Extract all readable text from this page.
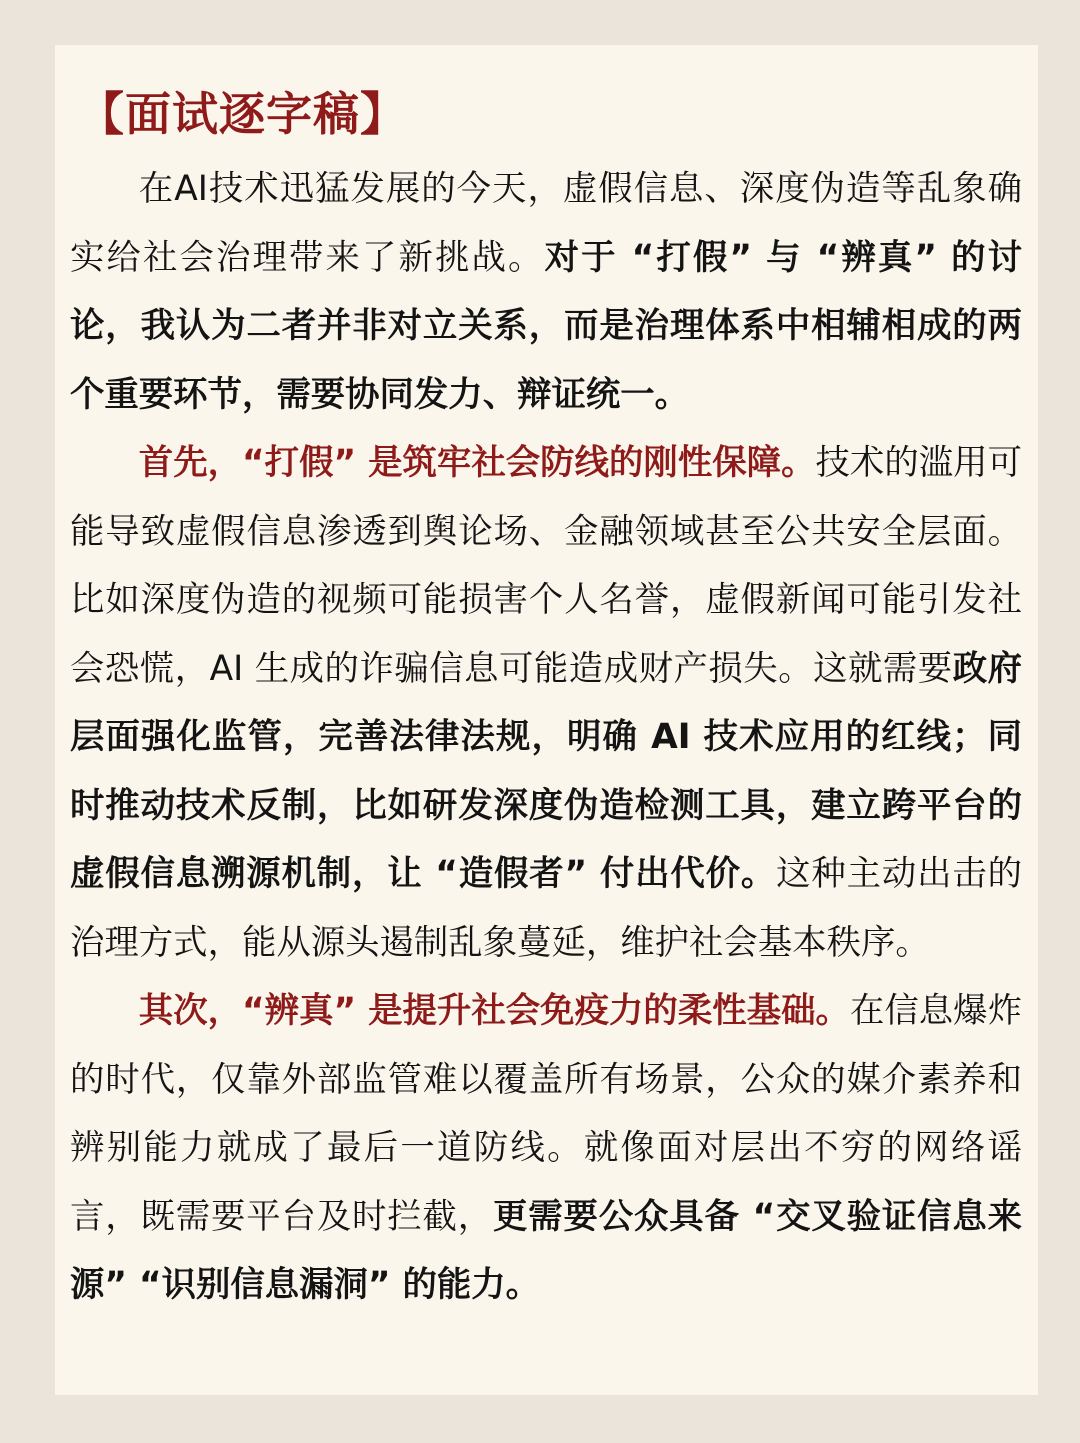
【面试逐字稿】

在AI技术迅猛发展的今天，虚假信息、深度伪造等乱象确实给社会治理带来了新挑战。对于 “打假” 与 “辨真” 的讨论，我认为二者并非对立关系，而是治理体系中相辅相成的两个重要环节，需要协同发力、辩证统一。

首先，“打假” 是筑牢社会防线的刚性保障。技术的滥用可能导致虚假信息渗透到舆论场、金融领域甚至公共安全层面。比如深度伪造的视频可能损害个人名誉，虚假新闻可能引发社会恐慌，AI 生成的诈骗信息可能造成财产损失。这就需要政府层面强化监管，完善法律法规，明确 AI 技术应用的红线；同时推动技术反制，比如研发深度伪造检测工具，建立跨平台的虚假信息溯源机制，让 “造假者” 付出代价。这种主动出击的治理方式，能从源头遏制乱象蔓延，维护社会基本秩序。

其次，“辨真” 是提升社会免疫力的柔性基础。在信息爆炸的时代，仅靠外部监管难以覆盖所有场景，公众的媒介素养和辨别能力就成了最后一道防线。就像面对层出不穷的网络谣言，既需要平台及时拦截，更需要公众具备 “交叉验证信息来源” “识别信息漏洞” 的能力。
